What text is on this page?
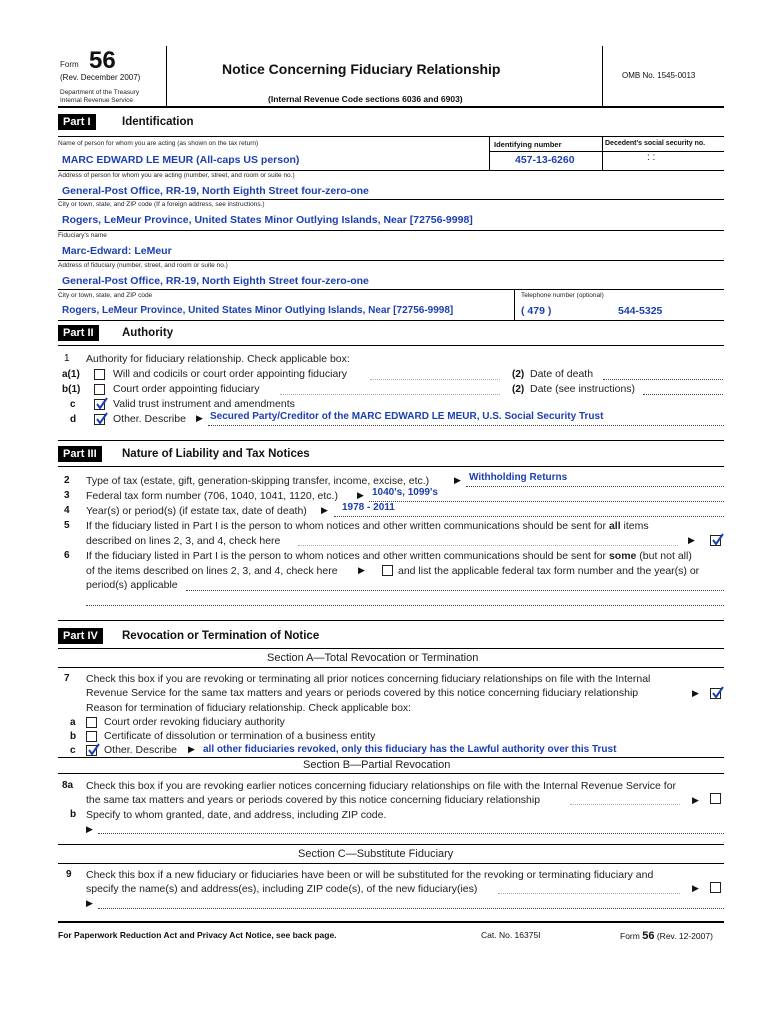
Form 56
(Rev. December 2007)
Department of the Treasury
Internal Revenue Service
Notice Concerning Fiduciary Relationship
(Internal Revenue Code sections 6036 and 6903)
OMB No. 1545-0013
Part I	Identification
Name of person for whom you are acting (as shown on the tax return)	Identifying number	Decedent's social security no.
MARC EDWARD LE MEUR (All-caps US person)	457-13-6260	: :
Address of person for whom you are acting (number, street, and room or suite no.)
General-Post Office, RR-19, North Eighth Street four-zero-one
City or town, state, and ZIP code (If a foreign address, see instructions.)
Rogers, LeMeur Province, United States Minor Outlying Islands, Near [72756-9998]
Fiduciary's name
Marc-Edward: LeMeur
Address of fiduciary (number, street, and room or suite no.)
General-Post Office, RR-19, North Eighth Street four-zero-one
City or town, state, and ZIP code	Telephone number (optional)
Rogers, LeMeur Province, United States Minor Outlying Islands, Near [72756-9998]	( 479 )	544-5325
Part II	Authority
1 Authority for fiduciary relationship. Check applicable box:
a(1)	Will and codicils or court order appointing fiduciary	(2) Date of death
b(1)	Court order appointing fiduciary	(2) Date (see instructions)
c	Valid trust instrument and amendments
d	Other. Describe ▶ Secured Party/Creditor of the MARC EDWARD LE MEUR, U.S. Social Security Trust
Part III	Nature of Liability and Tax Notices
2 Type of tax (estate, gift, generation-skipping transfer, income, excise, etc.)	▶ Withholding Returns
3 Federal tax form number (706, 1040, 1041, 1120, etc.) ▶ 1040's, 1099's
4 Year(s) or period(s) (if estate tax, date of death) ▶ 1978 - 2011
5 If the fiduciary listed in Part I is the person to whom notices and other written communications should be sent for all items
described on lines 2, 3, and 4, check here	▶
6 If the fiduciary listed in Part I is the person to whom notices and other written communications should be sent for some (but not all)
of the items described on lines 2, 3, and 4, check here ▶	and list the applicable federal tax form number and the year(s) or
period(s) applicable
Part IV	Revocation or Termination of Notice
Section A—Total Revocation or Termination
7 Check this box if you are revoking or terminating all prior notices concerning fiduciary relationships on file with the Internal
Revenue Service for the same tax matters and years or periods covered by this notice concerning fiduciary relationship	▶
Reason for termination of fiduciary relationship. Check applicable box:
a	Court order revoking fiduciary authority
b	Certificate of dissolution or termination of a business entity
c	Other. Describe ▶ all other fiduciaries revoked, only this fiduciary has the Lawful authority over this Trust
Section B—Partial Revocation
8a Check this box if you are revoking earlier notices concerning fiduciary relationships on file with the Internal Revenue Service for
the same tax matters and years or periods covered by this notice concerning fiduciary relationship	▶
b Specify to whom granted, date, and address, including ZIP code.
▶
Section C—Substitute Fiduciary
9 Check this box if a new fiduciary or fiduciaries have been or will be substituted for the revoking or terminating fiduciary and
specify the name(s) and address(es), including ZIP code(s), of the new fiduciary(ies)	▶
▶
For Paperwork Reduction Act and Privacy Act Notice, see back page.	Cat. No. 16375I	Form 56 (Rev. 12-2007)
